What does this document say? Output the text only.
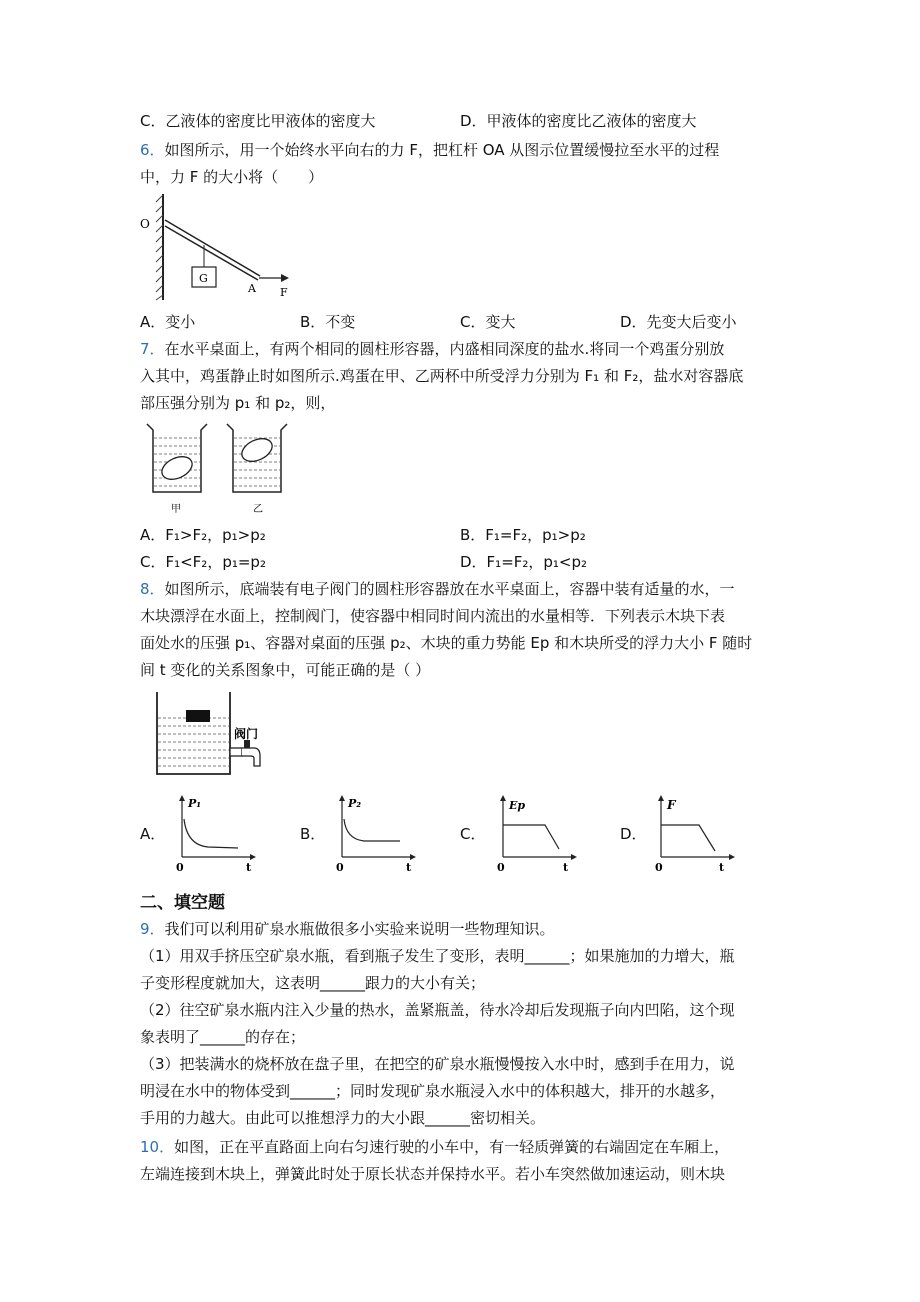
C．乙液体的密度比甲液体的密度大	D．甲液体的密度比乙液体的密度大
6．如图所示，用一个始终水平向右的力 F，把杠杆 OA 从图示位置缓慢拉至水平的过程
中，力 F 的大小将（　　）
O
G
A F
A．变小	B．不变	C．变大	D．先变大后变小
7．在水平桌面上，有两个相同的圆柱形容器，内盛相同深度的盐水.将同一个鸡蛋分别放
入其中，鸡蛋静止时如图所示.鸡蛋在甲、乙两杯中所受浮力分别为 F₁ 和 F₂，盐水对容器底
部压强分别为 p₁ 和 p₂，则，
甲	乙
A．F₁>F₂，p₁>p₂	B．F₁=F₂，p₁>p₂
C．F₁<F₂，p₁=p₂	D．F₁=F₂，p₁<p₂
8．如图所示，底端装有电子阀门的圆柱形容器放在水平桌面上，容器中装有适量的水，一
木块漂浮在水面上，控制阀门，使容器中相同时间内流出的水量相等．下列表示木块下表
面处水的压强 p₁、容器对桌面的压强 p₂、木块的重力势能 Ep 和木块所受的浮力大小 F 随时
间 t 变化的关系图象中，可能正确的是（ ）
阀门
A．	B．	C．	D．
P₁
0	t
P₂
0	t
Ep
0	t
F
0	t
二、填空题
9．我们可以利用矿泉水瓶做很多小实验来说明一些物理知识。
（1）用双手挤压空矿泉水瓶，看到瓶子发生了变形，表明______；如果施加的力增大，瓶
子变形程度就加大，这表明______跟力的大小有关；
（2）往空矿泉水瓶内注入少量的热水，盖紧瓶盖，待水冷却后发现瓶子向内凹陷，这个现
象表明了______的存在；
（3）把装满水的烧杯放在盘子里，在把空的矿泉水瓶慢慢按入水中时，感到手在用力，说
明浸在水中的物体受到______；同时发现矿泉水瓶浸入水中的体积越大，排开的水越多，
手用的力越大。由此可以推想浮力的大小跟______密切相关。
10．如图，正在平直路面上向右匀速行驶的小车中，有一轻质弹簧的右端固定在车厢上，
左端连接到木块上，弹簧此时处于原长状态并保持水平。若小车突然做加速运动，则木块
